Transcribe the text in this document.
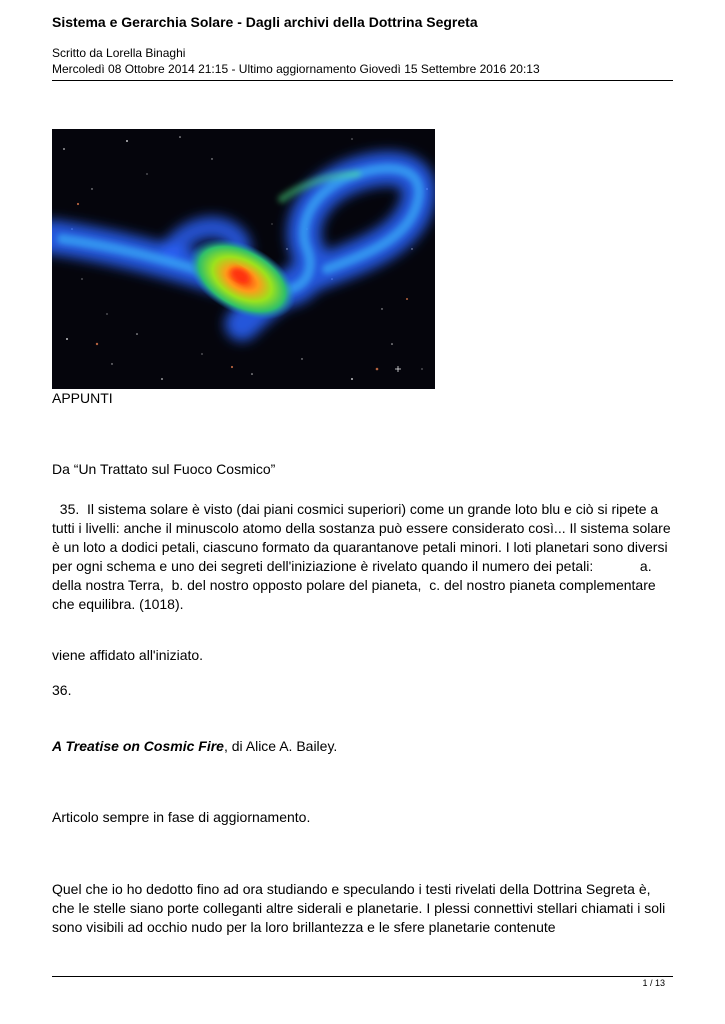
Sistema e Gerarchia Solare - Dagli archivi della Dottrina Segreta
Scritto da Lorella Binaghi
Mercoledì 08 Ottobre 2014 21:15 - Ultimo aggiornamento Giovedì 15 Settembre 2016 20:13
APPUNTI
Da “Un Trattato sul Fuoco Cosmico”
35.  Il sistema solare è visto (dai piani cosmici superiori) come un grande loto blu e ciò si ripete a tutti i livelli: anche il minuscolo atomo della sostanza può essere considerato così... Il sistema solare è un loto a dodici petali, ciascuno formato da quarantanove petali minori. I loti planetari sono diversi per ogni schema e uno dei segreti dell'iniziazione è rivelato quando il numero dei petali:            a. della nostra Terra,  b. del nostro opposto polare del pianeta,  c. del nostro pianeta complementare che equilibra. (1018).
viene affidato all'iniziato.
36.
A Treatise on Cosmic Fire, di Alice A. Bailey.
Articolo sempre in fase di aggiornamento.
Quel che io ho dedotto fino ad ora studiando e speculando i testi rivelati della Dottrina Segreta è, che le stelle siano porte colleganti altre siderali e planetarie. I plessi connettivi stellari chiamati i soli sono visibili ad occhio nudo per la loro brillantezza e le sfere planetarie contenute
1 / 13
